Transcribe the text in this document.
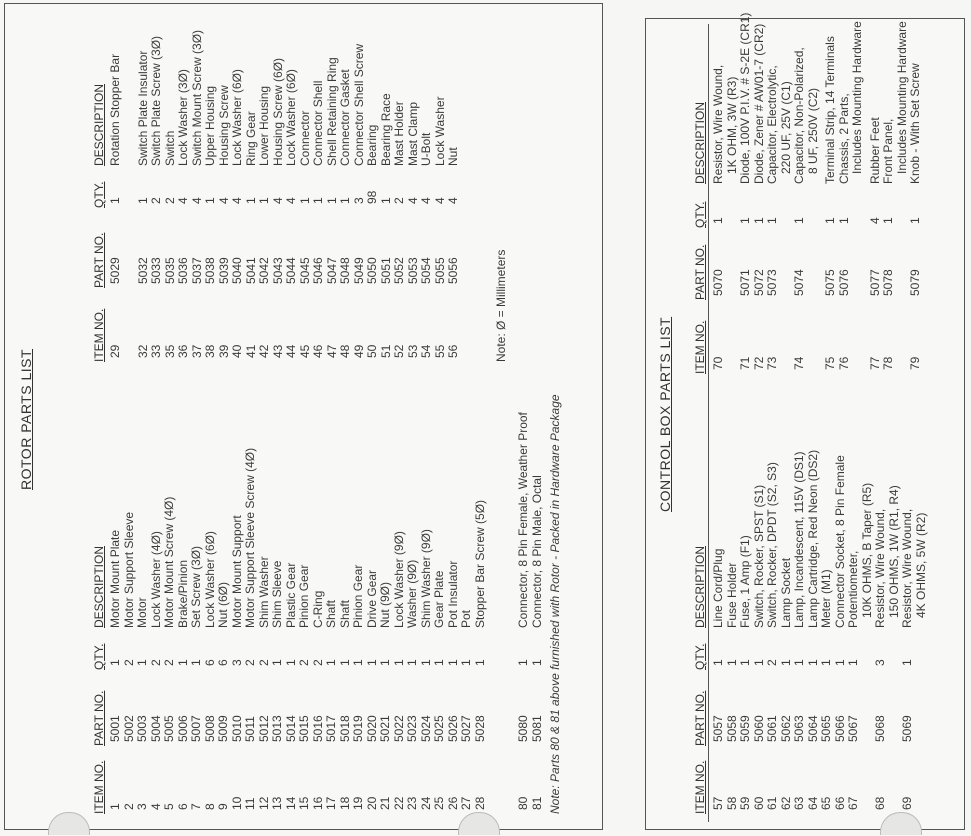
ROTOR PARTS LIST
ITEM NO.
PART NO.
QTY.
DESCRIPTION
ITEM NO.
PART NO.
QTY.
DESCRIPTION
1
5001
1
Motor Mount Plate
2
5002
2
Motor Support Sleeve
3
5003
1
Motor
4
5004
2
Lock Washer (4Ø)
5
5005
2
Motor Mount Screw (4Ø)
6
5006
1
Brake/Pinion
7
5007
1
Set Screw (3Ø)
8
5008
6
Lock Washer (6Ø)
9
5009
6
Nut (6Ø)
10
5010
3
Motor Mount Support
11
5011
2
Motor Support Sleeve Screw (4Ø)
12
5012
2
Shim Washer
13
5013
1
Shim Sleeve
14
5014
1
Plastic Gear
15
5015
2
Pinion Gear
16
5016
2
C-Ring
17
5017
1
Shaft
18
5018
1
Shaft
19
5019
1
Pinion Gear
20
5020
1
Drive Gear
21
5021
1
Nut (9Ø)
22
5022
1
Lock Washer (9Ø)
23
5023
1
Washer (9Ø)
24
5024
1
Shim Washer (9Ø)
25
5025
1
Gear Plate
26
5026
1
Pot Insulator
27
5027
1
Pot
28
5028
1
Stopper Bar Screw (5Ø)
80
5080
1
Connector, 8 Pin Female, Weather Proof
81
5081
1
Connector, 8 Pin Male, Octal
29
5029
1
Rotation Stopper Bar
32
5032
1
Switch Plate Insulator
33
5033
2
Switch Plate Screw (3Ø)
35
5035
2
Switch
36
5036
4
Lock Washer (3Ø)
37
5037
4
Switch Mount Screw (3Ø)
38
5038
1
Upper Housing
39
5039
4
Housing Screw
40
5040
4
Lock Washer (6Ø)
41
5041
1
Ring Gear
42
5042
1
Lower Housing
43
5043
4
Housing Screw (6Ø)
44
5044
4
Lock Washer (6Ø)
45
5045
1
Connector
46
5046
1
Connector Shell
47
5047
1
Shell Retaining Ring
48
5048
1
Connector Gasket
49
5049
3
Connector Shell Screw
50
5050
98
Bearing
51
5051
1
Bearing Race
52
5052
2
Mast Holder
53
5053
4
Mast Clamp
54
5054
4
U-Bolt
55
5055
4
Lock Washer
56
5056
4
Nut
Note: Parts 80 & 81 above furnished with Rotor - Packed in Hardware Package
Note: Ø = Millimeters
CONTROL BOX PARTS LIST
ITEM NO.
PART NO.
QTY.
DESCRIPTION
ITEM NO.
PART NO.
QTY.
DESCRIPTION
57
5057
1
Line Cord/Plug
58
5058
1
Fuse Holder
59
5059
1
Fuse, 1 Amp (F1)
60
5060
1
Switch, Rocker, SPST (S1)
61
5061
2
Switch, Rocker, DPDT (S2, S3)
62
5062
1
Lamp Socket
63
5063
1
Lamp, Incandescent, 115V (DS1)
64
5064
1
Lamp Cartridge, Red Neon (DS2)
65
5065
1
Meter (M1)
66
5066
1
Connector Socket, 8 Pin Female
67
5067
1
Potentiometer, 10K OHMS, B Taper (R5)
68
5068
3
Resistor, Wire Wound, 150 OHMS, 1W (R1, R4)
69
5069
1
Resistor, Wire Wound, 4K OHMS, 5W (R2)
70
5070
1
Resistor, Wire Wound, 1K OHM, 3W (R3)
71
5071
1
Diode, 100V P.I.V. # S-2E (CR1)
72
5072
1
Diode, Zener # AW01-7 (CR2)
73
5073
1
Capacitor, Electrolytic, 220 UF, 25V (C1)
74
5074
1
Capacitor, Non-Polarized, 8 UF, 250V (C2)
75
5075
1
Terminal Strip, 14 Terminals
76
5076
1
Chassis, 2 Parts, Includes Mounting Hardware
77
5077
4
Rubber Feet
78
5078
1
Front Panel, Includes Mounting Hardware
79
5079
1
Knob - With Set Screw
